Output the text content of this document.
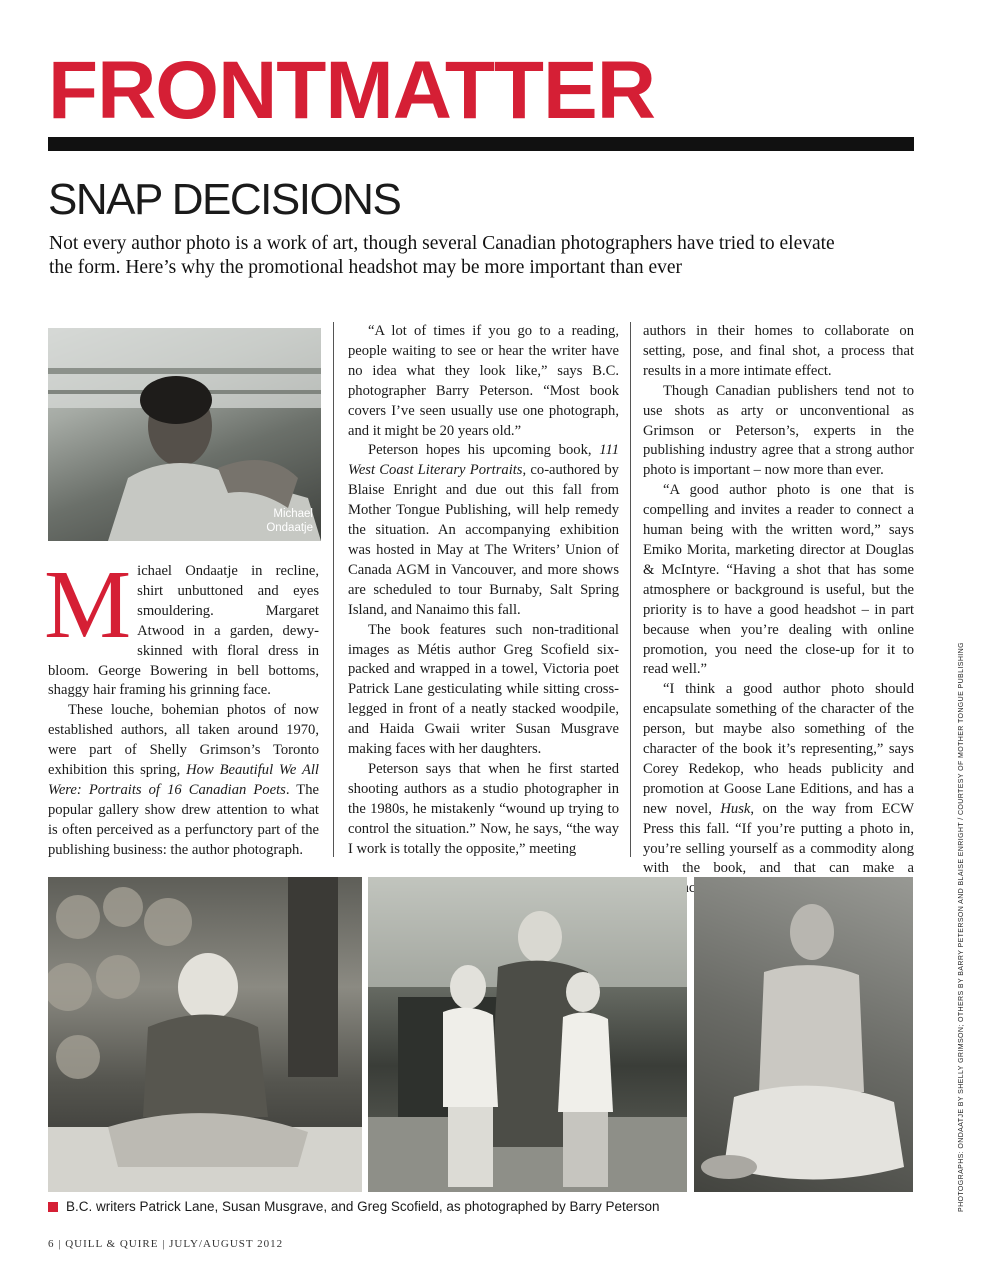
FRONTMATTER
SNAP DECISIONS

Not every author photo is a work of art, though several Canadian photographers have tried to elevate the form. Here’s why the promotional headshot may be more important than ever

Michael Ondaatje

Michael Ondaatje in recline, shirt unbuttoned and eyes smouldering. Margaret Atwood in a garden, dewy-skinned with floral dress in bloom. George Bowering in bell bottoms, shaggy hair framing his grinning face.

These louche, bohemian photos of now established authors, all taken around 1970, were part of Shelly Grimson’s Toronto exhibition this spring, How Beautiful We All Were: Portraits of 16 Canadian Poets. The popular gallery show drew attention to what is often perceived as a perfunctory part of the publishing business: the author photograph.

“A lot of times if you go to a reading, people waiting to see or hear the writer have no idea what they look like,” says B.C. photographer Barry Peterson. “Most book covers I’ve seen usually use one photograph, and it might be 20 years old.”

Peterson hopes his upcoming book, 111 West Coast Literary Portraits, co-authored by Blaise Enright and due out this fall from Mother Tongue Publishing, will help remedy the situation. An accompanying exhibition was hosted in May at The Writers’ Union of Canada AGM in Vancouver, and more shows are scheduled to tour Burnaby, Salt Spring Island, and Nanaimo this fall.

The book features such non-traditional images as Métis author Greg Scofield six-packed and wrapped in a towel, Victoria poet Patrick Lane gesticulating while sitting cross-legged in front of a neatly stacked woodpile, and Haida Gwaii writer Susan Musgrave making faces with her daughters.

Peterson says that when he first started shooting authors as a studio photographer in the 1980s, he mistakenly “wound up trying to control the situation.” Now, he says, “the way I work is totally the opposite,” meeting

authors in their homes to collaborate on setting, pose, and final shot, a process that results in a more intimate effect.

Though Canadian publishers tend not to use shots as arty or unconventional as Grimson or Peterson’s, experts in the publishing industry agree that a strong author photo is important – now more than ever.

“A good author photo is one that is compelling and invites a reader to connect a human being with the written word,” says Emiko Morita, marketing director at Douglas & McIntyre. “Having a shot that has some atmosphere or background is useful, but the priority is to have a good headshot – in part because when you’re dealing with online promotion, you need the close-up for it to read well.”

“I think a good author photo should encapsulate something of the character of the person, but maybe also something of the character of the book it’s representing,” says Corey Redekop, who heads publicity and promotion at Goose Lane Editions, and has a new novel, Husk, on the way from ECW Press this fall. “If you’re putting a photo in, you’re selling yourself as a commodity along with the book, and that can make a

B.C. writers Patrick Lane, Susan Musgrave, and Greg Scofield, as photographed by Barry Peterson	PHOTOGRAPHS: ONDAATJE BY SHELLY GRIMSON; OTHERS BY BARRY PETERSON AND BLAISE ENRIGHT / COURTESY OF MOTHER TONGUE PUBLISHING
6 | QUILL & QUIRE | JULY/AUGUST 2012
